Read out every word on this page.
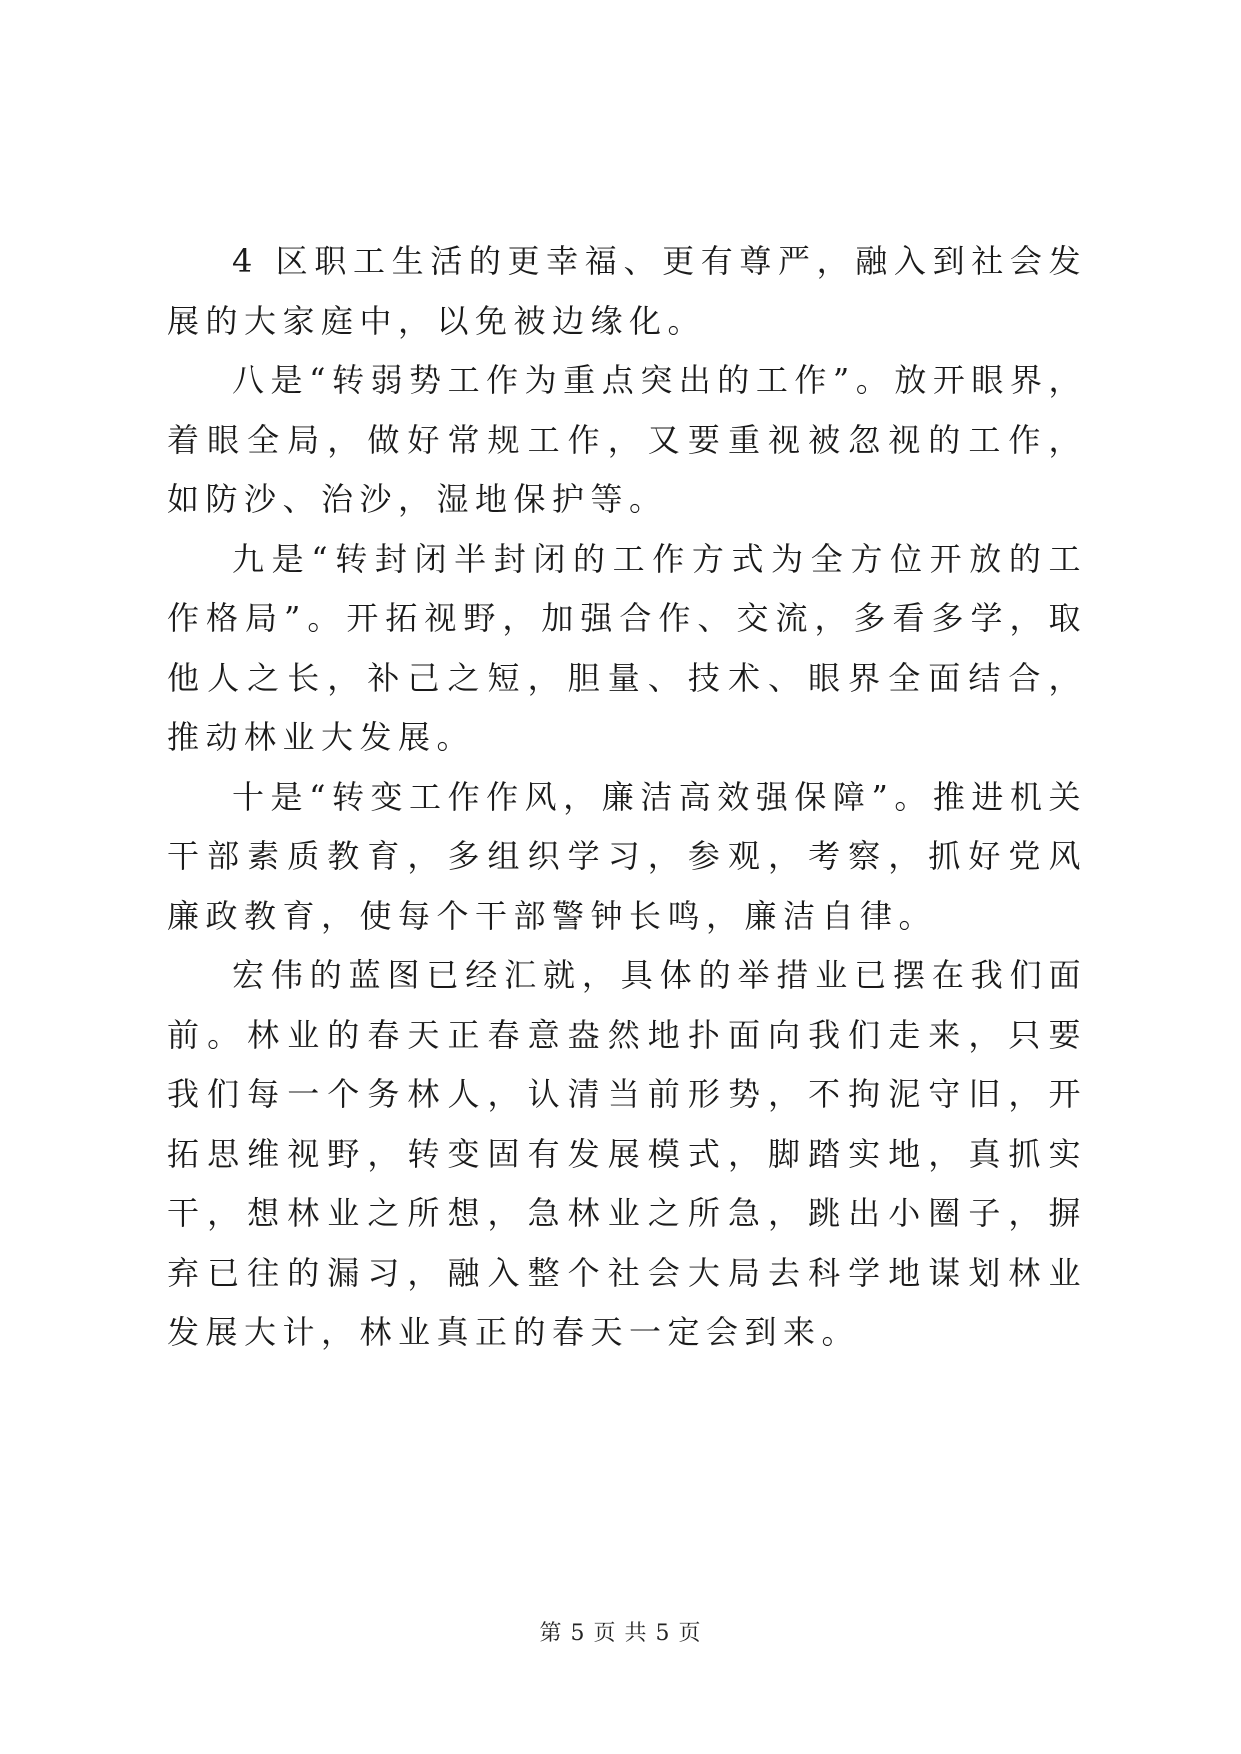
4 区职工生活的更幸福、更有尊严，融入到社会发展的大家庭中，以免被边缘化。

八是“转弱势工作为重点突出的工作”。放开眼界，着眼全局，做好常规工作，又要重视被忽视的工作，如防沙、治沙，湿地保护等。

九是“转封闭半封闭的工作方式为全方位开放的工作格局”。开拓视野，加强合作、交流，多看多学，取他人之长，补己之短，胆量、技术、眼界全面结合，推动林业大发展。

十是“转变工作作风，廉洁高效强保障”。推进机关干部素质教育，多组织学习，参观，考察，抓好党风廉政教育，使每个干部警钟长鸣，廉洁自律。

宏伟的蓝图已经汇就，具体的举措业已摆在我们面前。林业的春天正春意盎然地扑面向我们走来，只要我们每一个务林人，认清当前形势，不拘泥守旧，开拓思维视野，转变固有发展模式，脚踏实地，真抓实干，想林业之所想，急林业之所急，跳出小圈子，摒弃已往的漏习，融入整个社会大局去科学地谋划林业发展大计，林业真正的春天一定会到来。

第 5 页 共 5 页
